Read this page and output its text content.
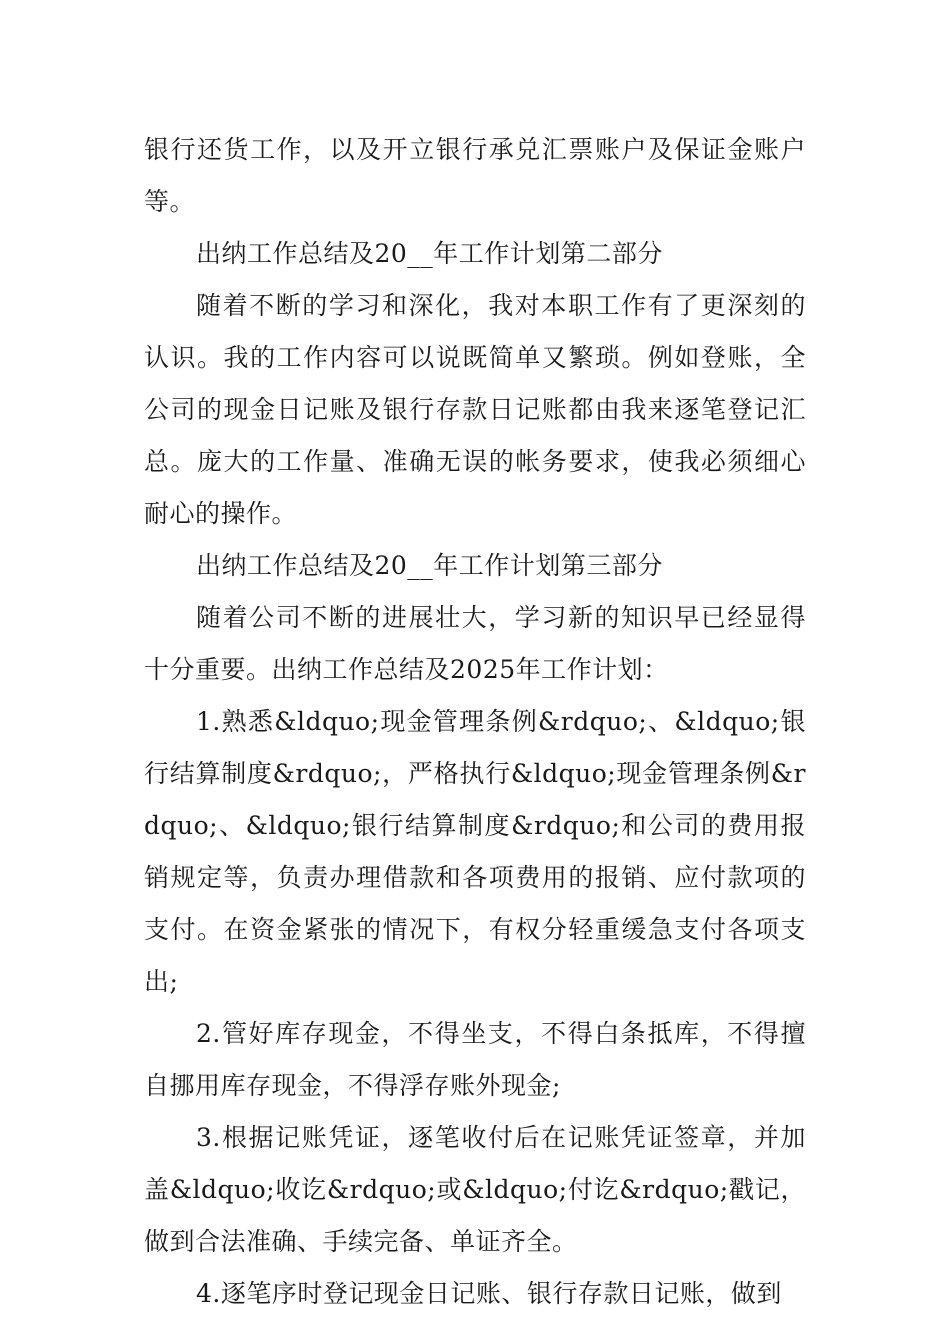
银行还货工作，以及开立银行承兑汇票账户及保证金账户等。

出纳工作总结及20__年工作计划第二部分

随着不断的学习和深化，我对本职工作有了更深刻的认识。我的工作内容可以说既简单又繁琐。例如登账，全公司的现金日记账及银行存款日记账都由我来逐笔登记汇总。庞大的工作量、准确无误的帐务要求，使我必须细心耐心的操作。

出纳工作总结及20__年工作计划第三部分

随着公司不断的进展壮大，学习新的知识早已经显得十分重要。出纳工作总结及2025年工作计划：

1.熟悉&ldquo;现金管理条例&rdquo;、&ldquo;银行结算制度&rdquo;，严格执行&ldquo;现金管理条例&rdquo;、&ldquo;银行结算制度&rdquo;和公司的费用报销规定等，负责办理借款和各项费用的报销、应付款项的支付。在资金紧张的情况下，有权分轻重缓急支付各项支出;

2.管好库存现金，不得坐支，不得白条抵库，不得擅自挪用库存现金，不得浮存账外现金;

3.根据记账凭证，逐笔收付后在记账凭证签章，并加盖&ldquo;收讫&rdquo;或&ldquo;付讫&rdquo;戳记，做到合法准确、手续完备、单证齐全。

4.逐笔序时登记现金日记账、银行存款日记账，做到
